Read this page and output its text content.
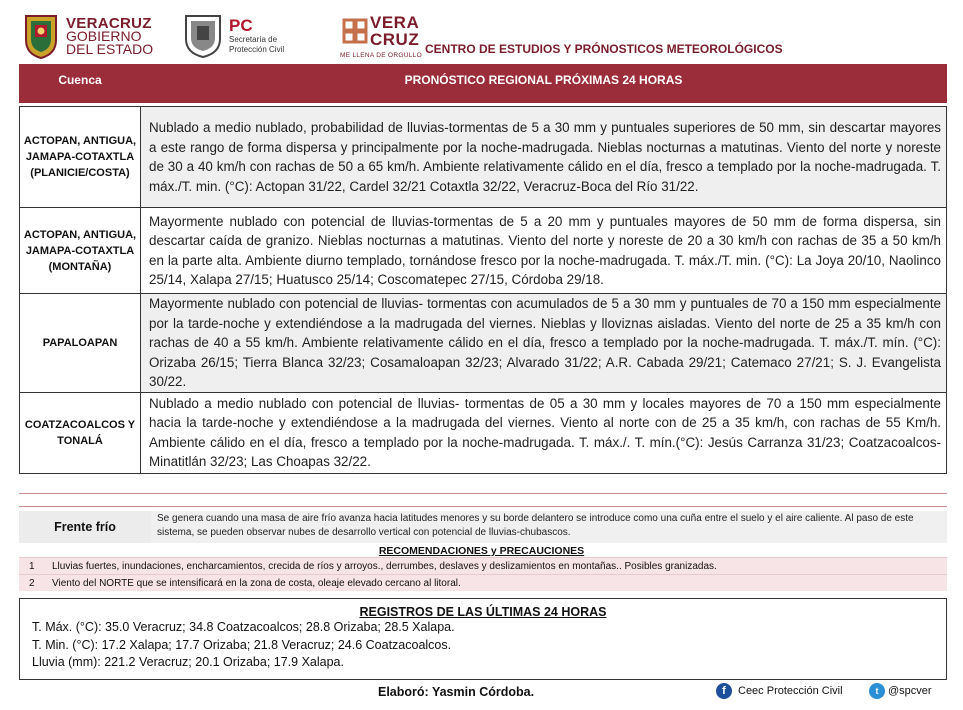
VERACRUZ
GOBIERNO
DEL ESTADO
PC
Secretaría de
Protección Civil
VERA
CRUZ
ME LLENA DE ORGULLO CENTRO DE ESTUDIOS Y PRÓNOSTICOS METEOROLÓGICOS
Cuenca	PRONÓSTICO REGIONAL PRÓXIMAS 24 HORAS

ACTOPAN, ANTIGUA, JAMAPA-COTAXTLA (PLANICIE/COSTA)	Nublado a medio nublado, probabilidad de lluvias-tormentas de 5 a 30 mm y puntuales superiores de 50 mm, sin descartar mayores a este rango de forma dispersa y principalmente por la noche-madrugada. Nieblas nocturnas a matutinas. Viento del norte y noreste de 30 a 40 km/h con rachas de 50 a 65 km/h. Ambiente relativamente cálido en el día, fresco a templado por la noche-madrugada. T. máx./T. min. (°C): Actopan 31/22, Cardel 32/21 Cotaxtla 32/22, Veracruz-Boca del Río 31/22.
ACTOPAN, ANTIGUA, JAMAPA-COTAXTLA (MONTAÑA)	Mayormente nublado con potencial de lluvias-tormentas de 5 a 20 mm y puntuales mayores de 50 mm de forma dispersa, sin descartar caída de granizo. Nieblas nocturnas a matutinas. Viento del norte y noreste de 20 a 30 km/h con rachas de 35 a 50 km/h en la parte alta. Ambiente diurno templado, tornándose fresco por la noche-madrugada. T. máx./T. min. (°C): La Joya 20/10, Naolinco 25/14, Xalapa 27/15; Huatusco 25/14; Coscomatepec 27/15, Córdoba 29/18.
PAPALOAPAN	Mayormente nublado con potencial de lluvias- tormentas con acumulados de 5 a 30 mm y puntuales de 70 a 150 mm especialmente por la tarde-noche y extendiéndose a la madrugada del viernes. Nieblas y lloviznas aisladas. Viento del norte de 25 a 35 km/h con rachas de 40 a 55 km/h. Ambiente relativamente cálido en el día, fresco a templado por la noche-madrugada. T. máx./T. mín. (°C): Orizaba 26/15; Tierra Blanca 32/23; Cosamaloapan 32/23; Alvarado 31/22; A.R. Cabada 29/21; Catemaco 27/21; S. J. Evangelista 30/22.
COATZACOALCOS Y TONALÁ	Nublado a medio nublado con potencial de lluvias- tormentas de 05 a 30 mm y locales mayores de 70 a 150 mm especialmente hacia la tarde-noche y extendiéndose a la madrugada del viernes. Viento al norte con de 25 a 35 km/h, con rachas de 55 Km/h. Ambiente cálido en el día, fresco a templado por la noche-madrugada. T. máx./. T. mín.(°C): Jesús Carranza 31/23; Coatzacoalcos-Minatitlán 32/23; Las Choapas 32/22.
Frente frío
Se genera cuando una masa de aire frío avanza hacia latitudes menores y su borde delantero se introduce como una cuña entre el suelo y el aire caliente. Al paso de este sistema, se pueden observar nubes de desarrollo vertical con potencial de lluvias-chubascos.
RECOMENDACIONES y PRECAUCIONES
1	Lluvias fuertes, inundaciones, encharcamientos, crecida de ríos y arroyos., derrumbes, deslaves y deslizamientos en montañas.. Posibles granizadas.
2	Viento del NORTE que se intensificará en la zona de costa, oleaje elevado cercano al litoral.
REGISTROS DE LAS ÚLTIMAS 24 HORAS
T. Máx. (°C): 35.0 Veracruz; 34.8 Coatzacoalcos; 28.8 Orizaba; 28.5 Xalapa.
T. Min. (°C): 17.2 Xalapa; 17.7 Orizaba; 21.8 Veracruz; 24.6 Coatzacoalcos.
Lluvia (mm): 221.2 Veracruz; 20.1 Orizaba; 17.9 Xalapa.
Elaboró: Yasmin Córdoba.	f	Ceec Protección Civil	t @spcver
